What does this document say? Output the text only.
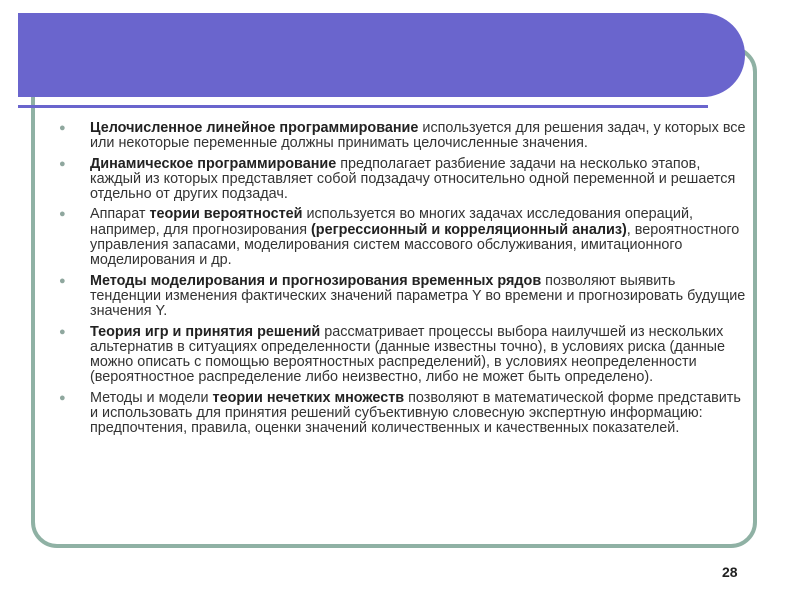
● Целочисленное линейное программирование используется для решения задач, у которых все или некоторые переменные должны принимать целочисленные значения.
● Динамическое программирование предполагает разбиение задачи на несколько этапов, каждый из которых представляет собой подзадачу относительно одной переменной и решается отдельно от других подзадач.
● Аппарат теории вероятностей используется во многих задачах исследования операций, например, для прогнозирования (регрессионный и корреляционный анализ), вероятностного управления запасами, моделирования систем массового обслуживания, имитационного моделирования и др.
● Методы моделирования и прогнозирования временных рядов позволяют выявить тенденции изменения фактических значений параметра Y во времени и прогнозировать будущие значения Y.
● Теория игр и принятия решений рассматривает процессы выбора наилучшей из нескольких альтернатив в ситуациях определенности (данные известны точно), в условиях риска (данные можно описать с помощью вероятностных распределений), в условиях неопределенности (вероятностное распределение либо неизвестно, либо не может быть определено).
● Методы и модели теории нечетких множеств позволяют в математической форме представить и использовать для принятия решений субъективную словесную экспертную информацию: предпочтения, правила, оценки значений количественных и качественных показателей.
28
